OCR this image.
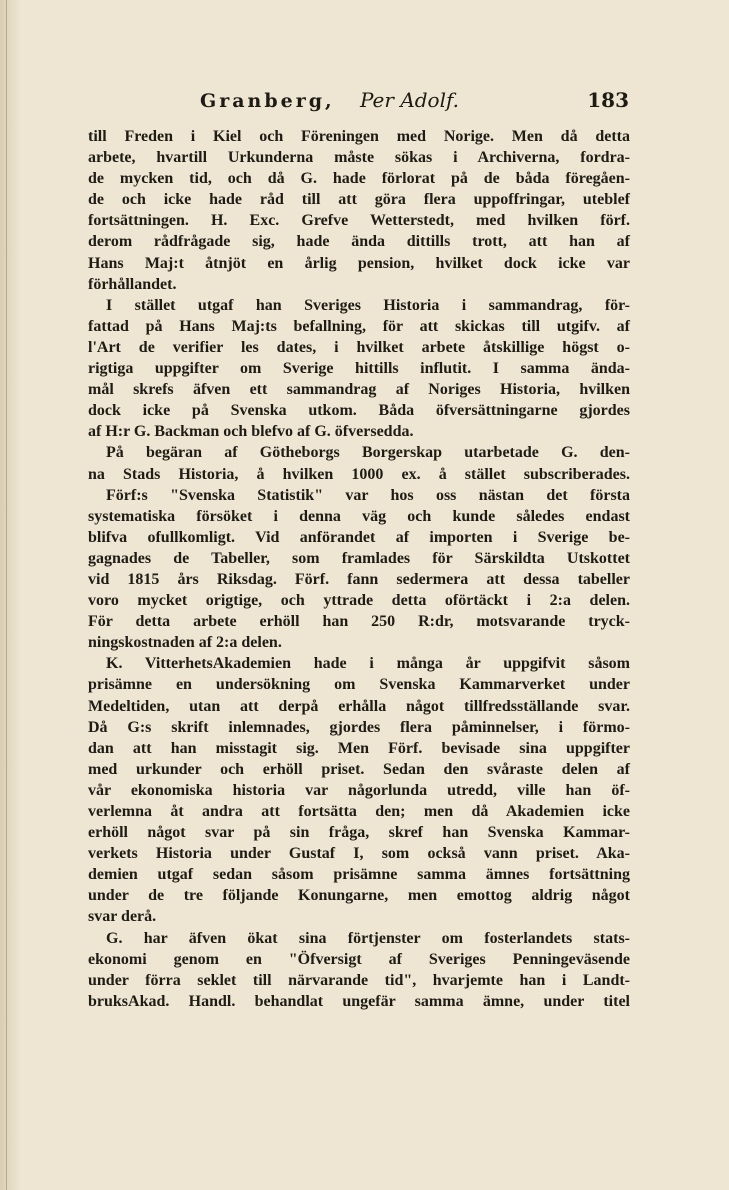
Granberg, Per Adolf.	183
till Freden i Kiel och Föreningen med Norige. Men då detta
arbete, hvartill Urkunderna måste sökas i Archiverna, fordra-
de mycken tid, och då G. hade förlorat på de båda föregåen-
de och icke hade råd till att göra flera uppoffringar, uteblef
fortsättningen. H. Exc. Grefve Wetterstedt, med hvilken förf.
derom rådfrågade sig, hade ända dittills trott, att han af
Hans Maj:t åtnjöt en årlig pension, hvilket dock icke var
förhållandet.
I stället utgaf han Sveriges Historia i sammandrag, för-
fattad på Hans Maj:ts befallning, för att skickas till utgifv. af
l'Art de verifier les dates, i hvilket arbete åtskillige högst o-
rigtiga uppgifter om Sverige hittills influtit. I samma ända-
mål skrefs äfven ett sammandrag af Noriges Historia, hvilken
dock icke på Svenska utkom. Båda öfversättningarne gjordes
af H:r G. Backman och blefvo af G. öfversedda.
På begäran af Götheborgs Borgerskap utarbetade G. den-
na Stads Historia, å hvilken 1000 ex. å stället subscriberades.
Förf:s "Svenska Statistik" var hos oss nästan det första
systematiska försöket i denna väg och kunde således endast
blifva ofullkomligt. Vid anförandet af importen i Sverige be-
gagnades de Tabeller, som framlades för Särskildta Utskottet
vid 1815 års Riksdag. Förf. fann sedermera att dessa tabeller
voro mycket origtige, och yttrade detta oförtäckt i 2:a delen.
För detta arbete erhöll han 250 R:dr, motsvarande tryck-
ningskostnaden af 2:a delen.
K. VitterhetsAkademien hade i många år uppgifvit såsom
prisämne en undersökning om Svenska Kammarverket under
Medeltiden, utan att derpå erhålla något tillfredsställande svar.
Då G:s skrift inlemnades, gjordes flera påminnelser, i förmo-
dan att han misstagit sig. Men Förf. bevisade sina uppgifter
med urkunder och erhöll priset. Sedan den svåraste delen af
vår ekonomiska historia var någorlunda utredd, ville han öf-
verlemna åt andra att fortsätta den; men då Akademien icke
erhöll något svar på sin fråga, skref han Svenska Kammar-
verkets Historia under Gustaf I, som också vann priset. Aka-
demien utgaf sedan såsom prisämne samma ämnes fortsättning
under de tre följande Konungarne, men emottog aldrig något
svar derå.
G. har äfven ökat sina förtjenster om fosterlandets stats-
ekonomi genom en "Öfversigt af Sveriges Penningeväsende
under förra seklet till närvarande tid", hvarjemte han i Landt-
bruksAkad. Handl. behandlat ungefär samma ämne, under titel
